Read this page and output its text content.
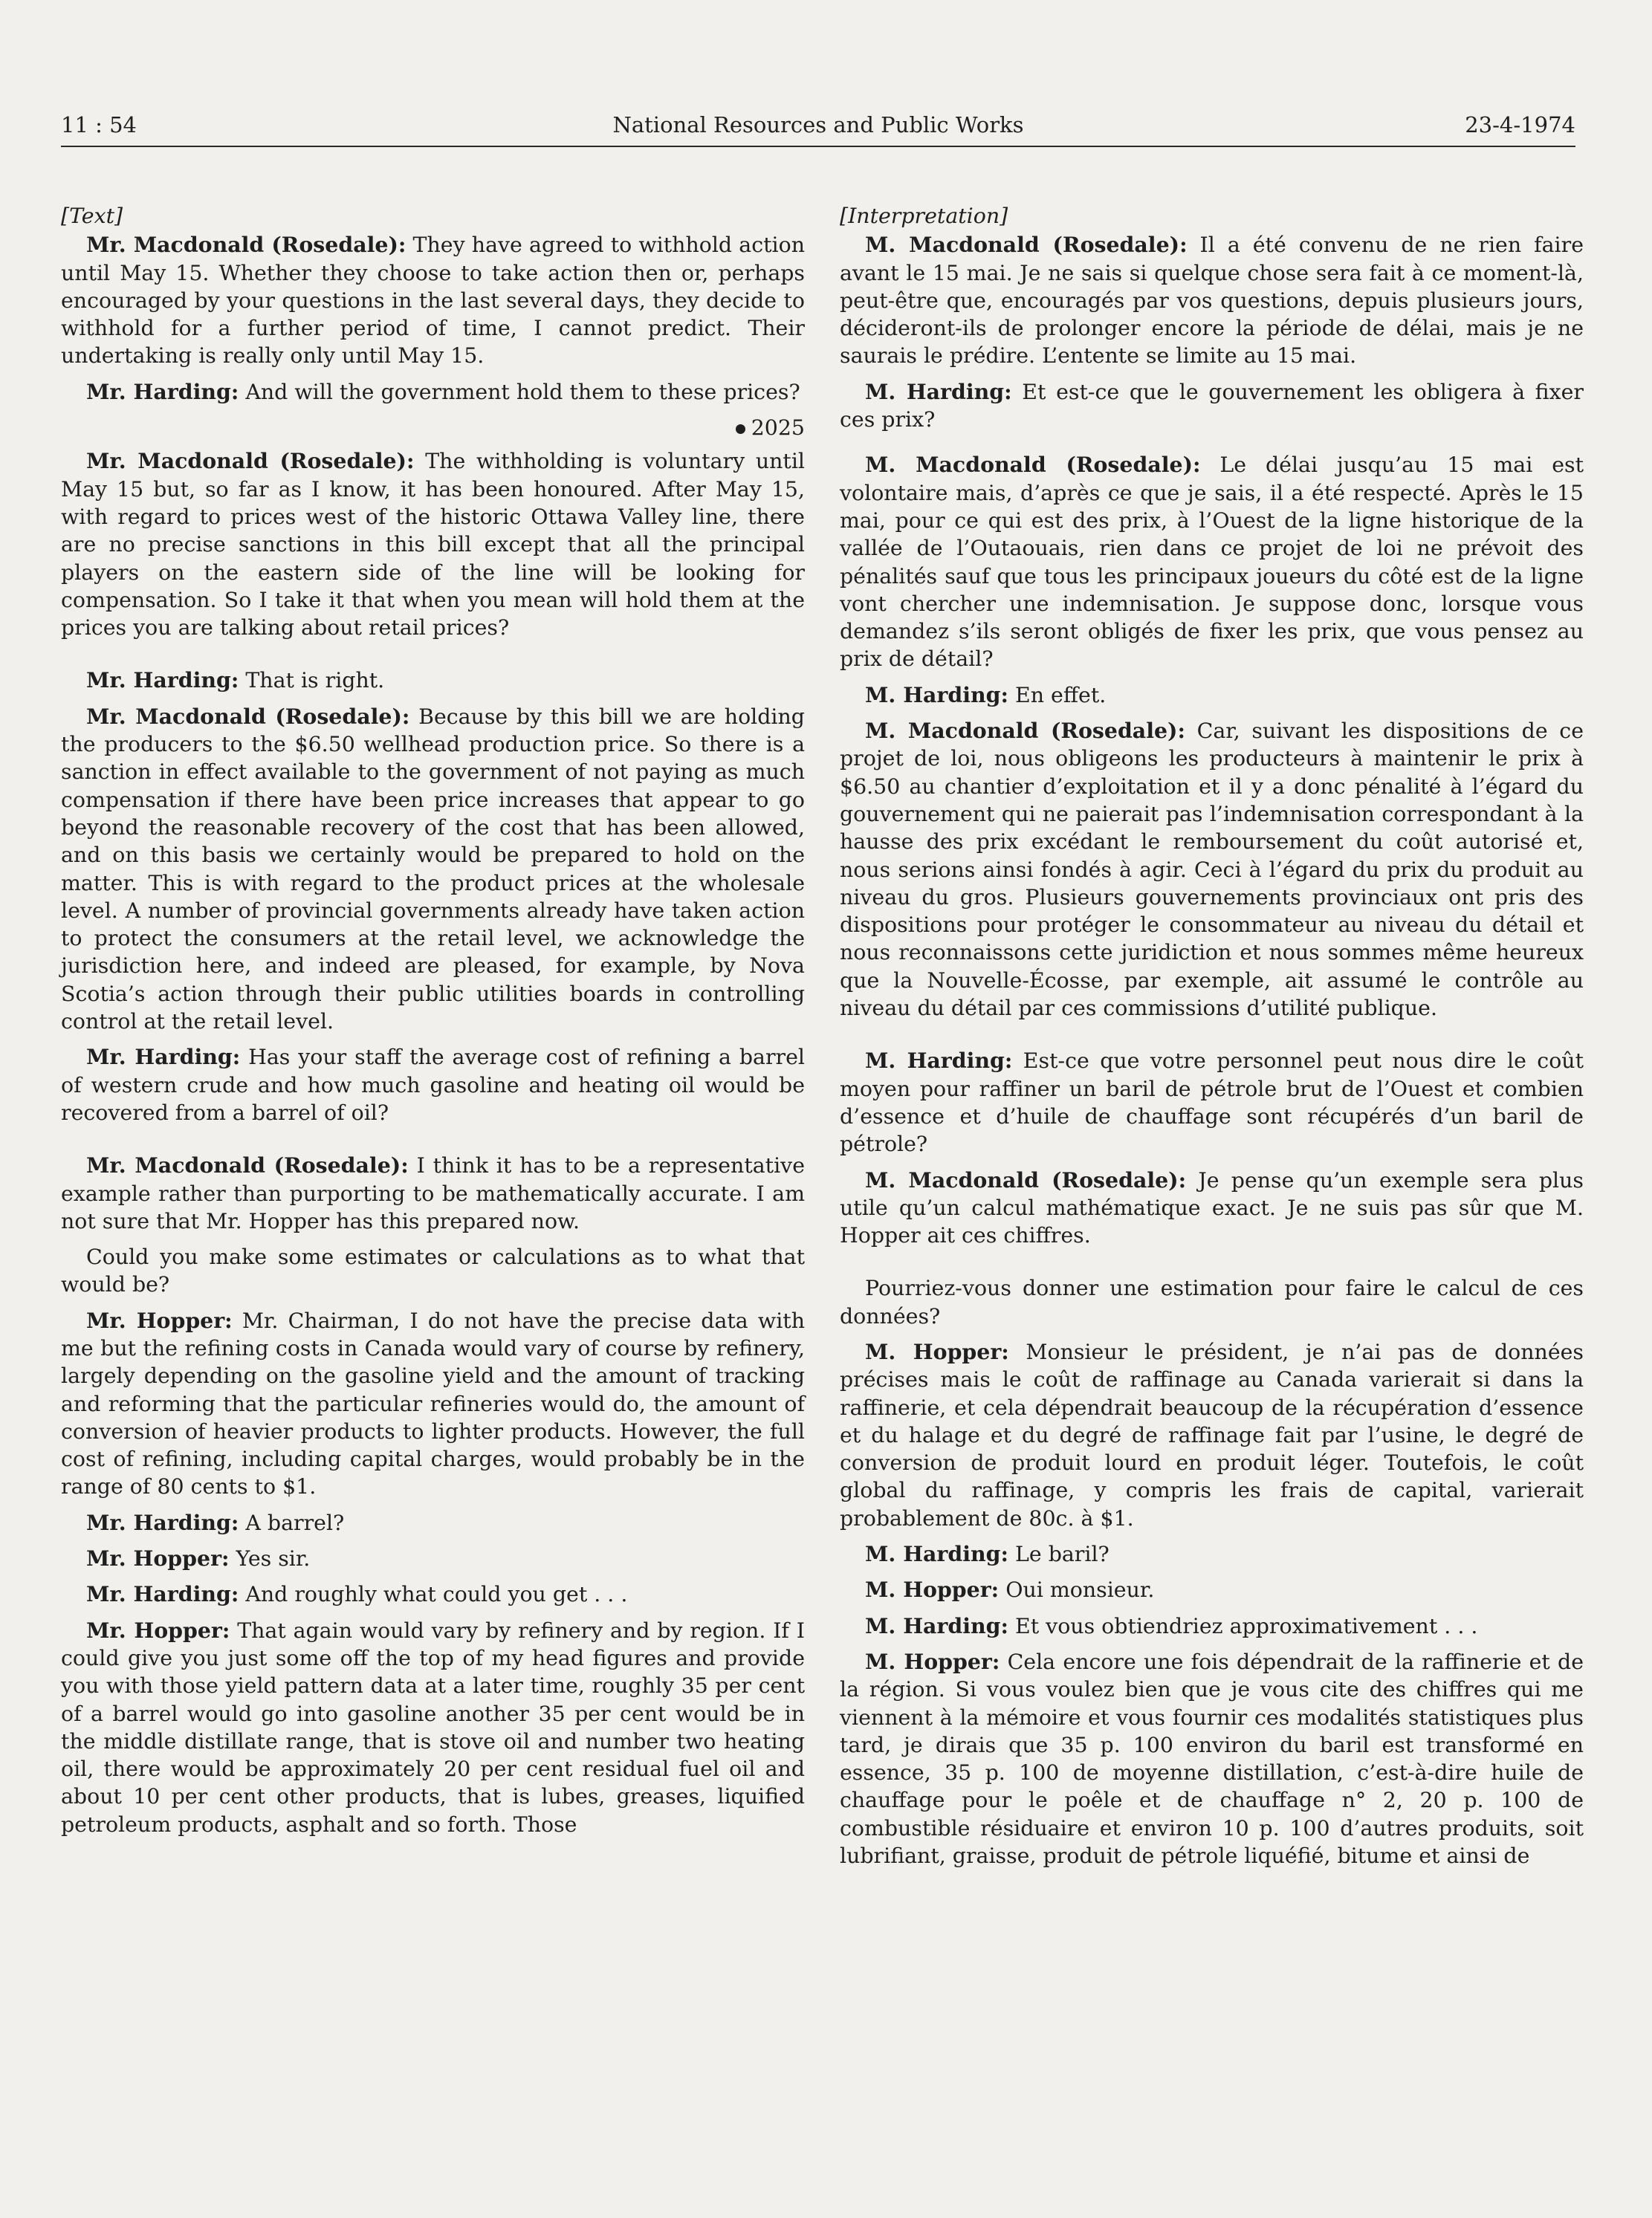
11 : 54	National Resources and Public Works	23-4-1974

[Text]

Mr. Macdonald (Rosedale): They have agreed to withhold action until May 15. Whether they choose to take action then or, perhaps encouraged by your questions in the last several days, they decide to withhold for a further period of time, I cannot predict. Their undertaking is really only until May 15.

Mr. Harding: And will the government hold them to these prices?

2025

Mr. Macdonald (Rosedale): The withholding is voluntary until May 15 but, so far as I know, it has been honoured. After May 15, with regard to prices west of the historic Ottawa Valley line, there are no precise sanctions in this bill except that all the principal players on the eastern side of the line will be looking for compensation. So I take it that when you mean will hold them at the prices you are talking about retail prices?

Mr. Harding: That is right.

Mr. Macdonald (Rosedale): Because by this bill we are holding the producers to the $6.50 wellhead production price. So there is a sanction in effect available to the government of not paying as much compensation if there have been price increases that appear to go beyond the reasonable recovery of the cost that has been allowed, and on this basis we certainly would be prepared to hold on the matter. This is with regard to the product prices at the wholesale level. A number of provincial governments already have taken action to protect the consumers at the retail level, we acknowledge the jurisdiction here, and indeed are pleased, for example, by Nova Scotia’s action through their public utilities boards in controlling control at the retail level.

Mr. Harding: Has your staff the average cost of refining a barrel of western crude and how much gasoline and heating oil would be recovered from a barrel of oil?

Mr. Macdonald (Rosedale): I think it has to be a representative example rather than purporting to be mathematically accurate. I am not sure that Mr. Hopper has this prepared now.

Could you make some estimates or calculations as to what that would be?

Mr. Hopper: Mr. Chairman, I do not have the precise data with me but the refining costs in Canada would vary of course by refinery, largely depending on the gasoline yield and the amount of tracking and reforming that the particular refineries would do, the amount of conversion of heavier products to lighter products. However, the full cost of refining, including capital charges, would probably be in the range of 80 cents to $1.

Mr. Harding: A barrel?

Mr. Hopper: Yes sir.

Mr. Harding: And roughly what could you get . . .

Mr. Hopper: That again would vary by refinery and by region. If I could give you just some off the top of my head figures and provide you with those yield pattern data at a later time, roughly 35 per cent of a barrel would go into gasoline another 35 per cent would be in the middle distillate range, that is stove oil and number two heating oil, there would be approximately 20 per cent residual fuel oil and about 10 per cent other products, that is lubes, greases, liquified petroleum products, asphalt and so forth. Those

[Interpretation]

M. Macdonald (Rosedale): Il a été convenu de ne rien faire avant le 15 mai. Je ne sais si quelque chose sera fait à ce moment-là, peut-être que, encouragés par vos questions, depuis plusieurs jours, décideront-ils de prolonger encore la période de délai, mais je ne saurais le prédire. L’entente se limite au 15 mai.

M. Harding: Et est-ce que le gouvernement les obligera à fixer ces prix?

M. Macdonald (Rosedale): Le délai jusqu’au 15 mai est volontaire mais, d’après ce que je sais, il a été respecté. Après le 15 mai, pour ce qui est des prix, à l’Ouest de la ligne historique de la vallée de l’Outaouais, rien dans ce projet de loi ne prévoit des pénalités sauf que tous les principaux joueurs du côté est de la ligne vont chercher une indemnisation. Je suppose donc, lorsque vous demandez s’ils seront obligés de fixer les prix, que vous pensez au prix de détail?

M. Harding: En effet.

M. Macdonald (Rosedale): Car, suivant les dispositions de ce projet de loi, nous obligeons les producteurs à maintenir le prix à $6.50 au chantier d’exploitation et il y a donc pénalité à l’égard du gouvernement qui ne paierait pas l’indemnisation correspondant à la hausse des prix excédant le remboursement du coût autorisé et, nous serions ainsi fondés à agir. Ceci à l’égard du prix du produit au niveau du gros. Plusieurs gouvernements provinciaux ont pris des dispositions pour protéger le consommateur au niveau du détail et nous reconnaissons cette juridiction et nous sommes même heureux que la Nouvelle-Écosse, par exemple, ait assumé le contrôle au niveau du détail par ces commissions d’utilité publique.

M. Harding: Est-ce que votre personnel peut nous dire le coût moyen pour raffiner un baril de pétrole brut de l’Ouest et combien d’essence et d’huile de chauffage sont récupérés d’un baril de pétrole?

M. Macdonald (Rosedale): Je pense qu’un exemple sera plus utile qu’un calcul mathématique exact. Je ne suis pas sûr que M. Hopper ait ces chiffres.

Pourriez-vous donner une estimation pour faire le calcul de ces données?

M. Hopper: Monsieur le président, je n’ai pas de données précises mais le coût de raffinage au Canada varierait si dans la raffinerie, et cela dépendrait beaucoup de la récupération d’essence et du halage et du degré de raffinage fait par l’usine, le degré de conversion de produit lourd en produit léger. Toutefois, le coût global du raffinage, y compris les frais de capital, varierait probablement de 80c. à $1.

M. Harding: Le baril?

M. Hopper: Oui monsieur.

M. Harding: Et vous obtiendriez approximativement . . .

M. Hopper: Cela encore une fois dépendrait de la raffinerie et de la région. Si vous voulez bien que je vous cite des chiffres qui me viennent à la mémoire et vous fournir ces modalités statistiques plus tard, je dirais que 35 p. 100 environ du baril est transformé en essence, 35 p. 100 de moyenne distillation, c’est-à-dire huile de chauffage pour le poêle et de chauffage n° 2, 20 p. 100 de combustible résiduaire et environ 10 p. 100 d’autres produits, soit lubrifiant, graisse, produit de pétrole liquéfié, bitume et ainsi de
